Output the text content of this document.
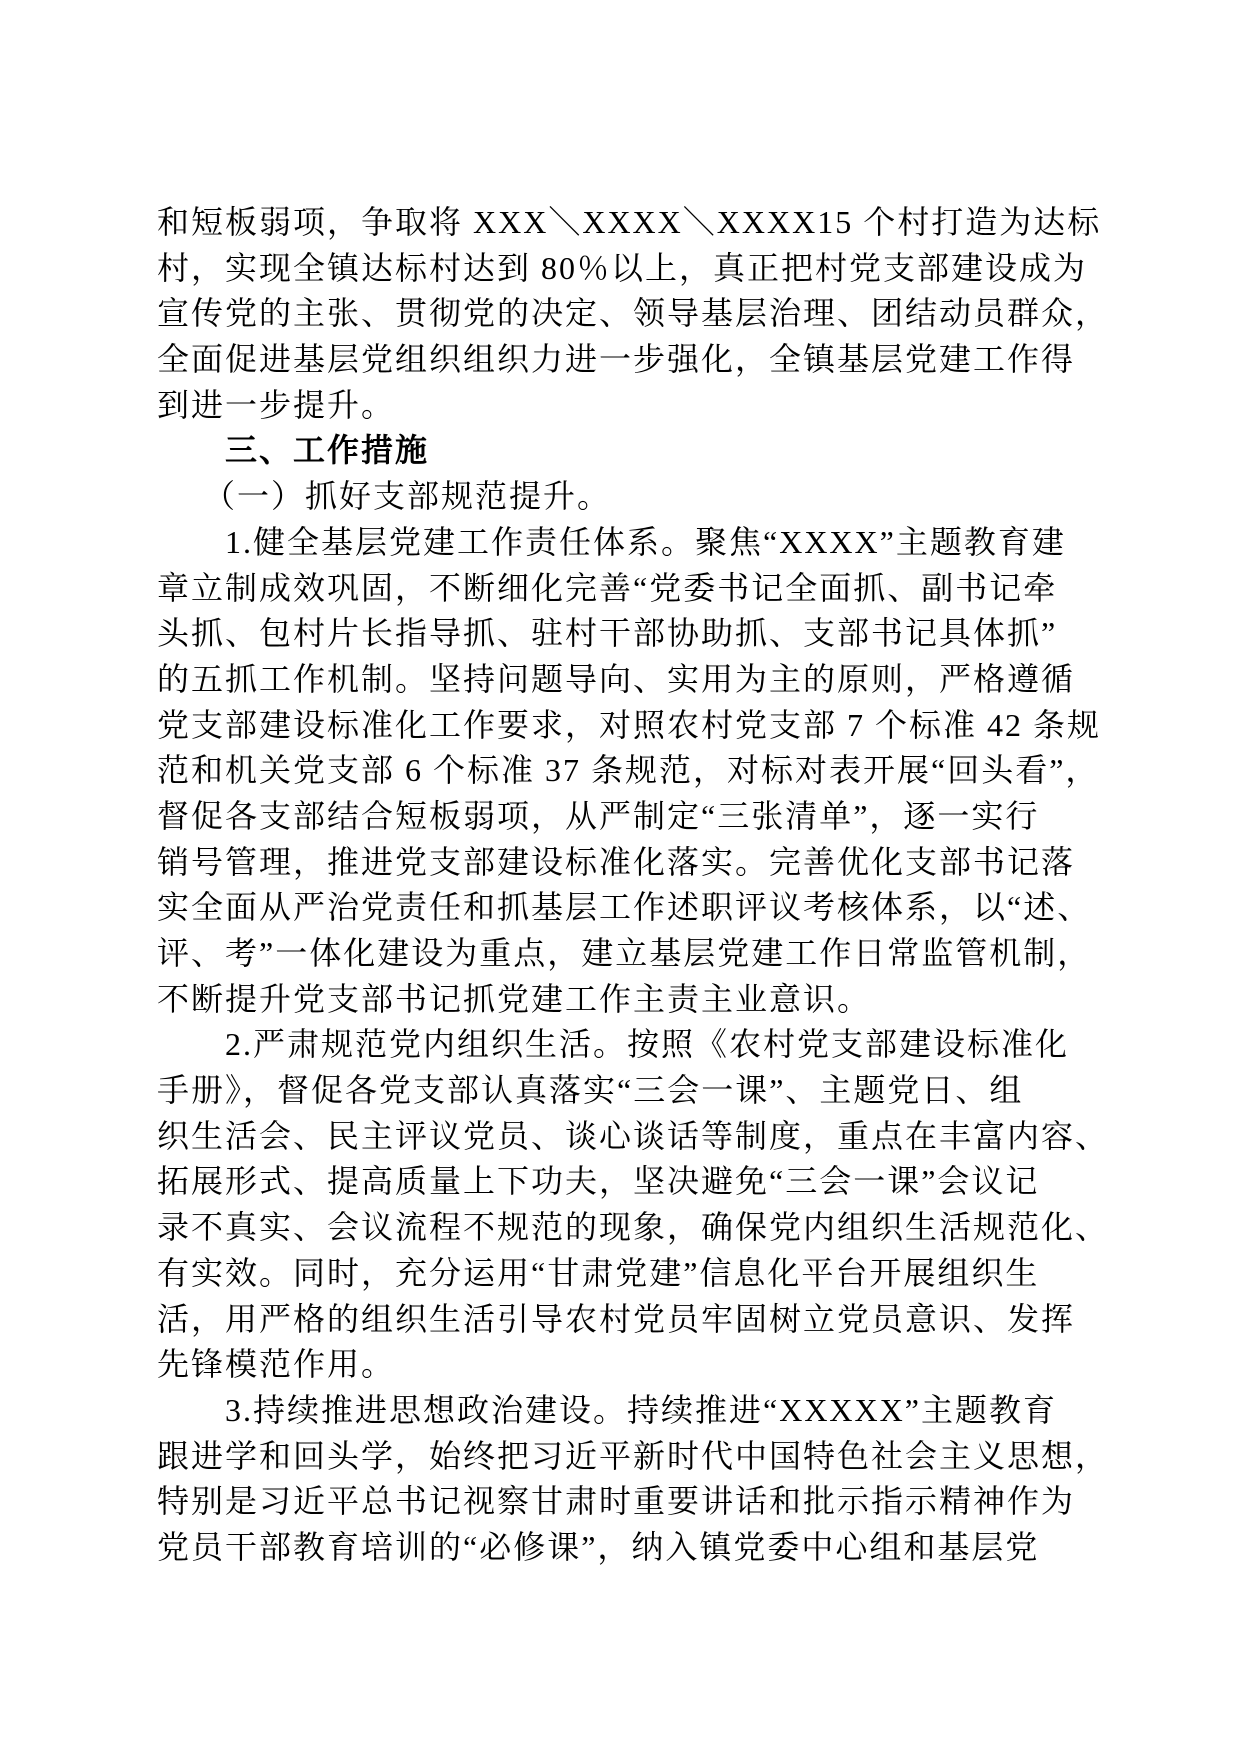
和短板弱项，争取将 XXX＼XXXX＼XXXX15 个村打造为达标
村，实现全镇达标村达到 80％以上，真正把村党支部建设成为
宣传党的主张、贯彻党的决定、领导基层治理、团结动员群众，
全面促进基层党组织组织力进一步强化，全镇基层党建工作得
到进一步提升。
三、工作措施
（一）抓好支部规范提升。
1.健全基层党建工作责任体系。聚焦“XXXX”主题教育建
章立制成效巩固，不断细化完善“党委书记全面抓、副书记牵
头抓、包村片长指导抓、驻村干部协助抓、支部书记具体抓”
的五抓工作机制。坚持问题导向、实用为主的原则，严格遵循
党支部建设标准化工作要求，对照农村党支部 7 个标准 42 条规
范和机关党支部 6 个标准 37 条规范，对标对表开展“回头看”，
督促各支部结合短板弱项，从严制定“三张清单”，逐一实行
销号管理，推进党支部建设标准化落实。完善优化支部书记落
实全面从严治党责任和抓基层工作述职评议考核体系，以“述、
评、考”一体化建设为重点，建立基层党建工作日常监管机制，
不断提升党支部书记抓党建工作主责主业意识。
2.严肃规范党内组织生活。按照《农村党支部建设标准化
手册》，督促各党支部认真落实“三会一课”、主题党日、组
织生活会、民主评议党员、谈心谈话等制度，重点在丰富内容、
拓展形式、提高质量上下功夫，坚决避免“三会一课”会议记
录不真实、会议流程不规范的现象，确保党内组织生活规范化、
有实效。同时，充分运用“甘肃党建”信息化平台开展组织生
活，用严格的组织生活引导农村党员牢固树立党员意识、发挥
先锋模范作用。
3.持续推进思想政治建设。持续推进“XXXXX”主题教育
跟进学和回头学，始终把习近平新时代中国特色社会主义思想，
特别是习近平总书记视察甘肃时重要讲话和批示指示精神作为
党员干部教育培训的“必修课”，纳入镇党委中心组和基层党
